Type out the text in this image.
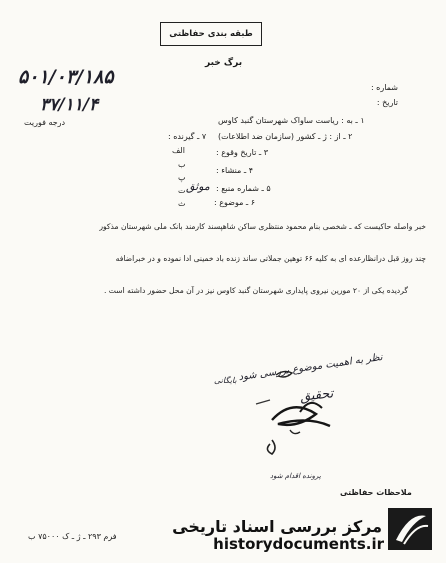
طبقه بندی حفاظتی
برگ خبر
شماره :
تاریخ :
۵۰۱/۰۳/۱۸۵
۳۷/۱۱/۴
درجه فوریت	۱ ـ به : ریاست ساواک شهرستان گنبد کاوس
۲ ـ از : ژ ـ کشور (سازمان ضد اطلاعات)
۷ ـ گیرنده :
الف
ب
پ
ت
ث
۳ ـ تاریخ وقوع :
۴ ـ منشاء :
۵ ـ شماره منبع :
موثق
۶ ـ موضوع :
خبر واصله حاکیست که ـ شخصی بنام محمود منتظری ساکن شاهپسند کارمند بانک ملی شهرستان مذکور
چند روز قبل درانظارعده ای به کلیه ۶۶ توهین جملاتی ساند زنده باد خمینی ادا نموده و در خبراضافه
گردیده یکی از ۲۰ مورین نیروی پایداری شهرستان گنبد کاوس نیز در آن محل حضور داشته است .
نظر به اهمیت موضوع بررسی شود
تحقیق
بایگانی
پرونده اقدام شود
ملاحظات حفاظتی
فرم ۲۹۳ ـ ژ ـ ک ۷۵۰۰۰ ب
مرکز بررسی اسناد تاریخی
historydocuments.ir
